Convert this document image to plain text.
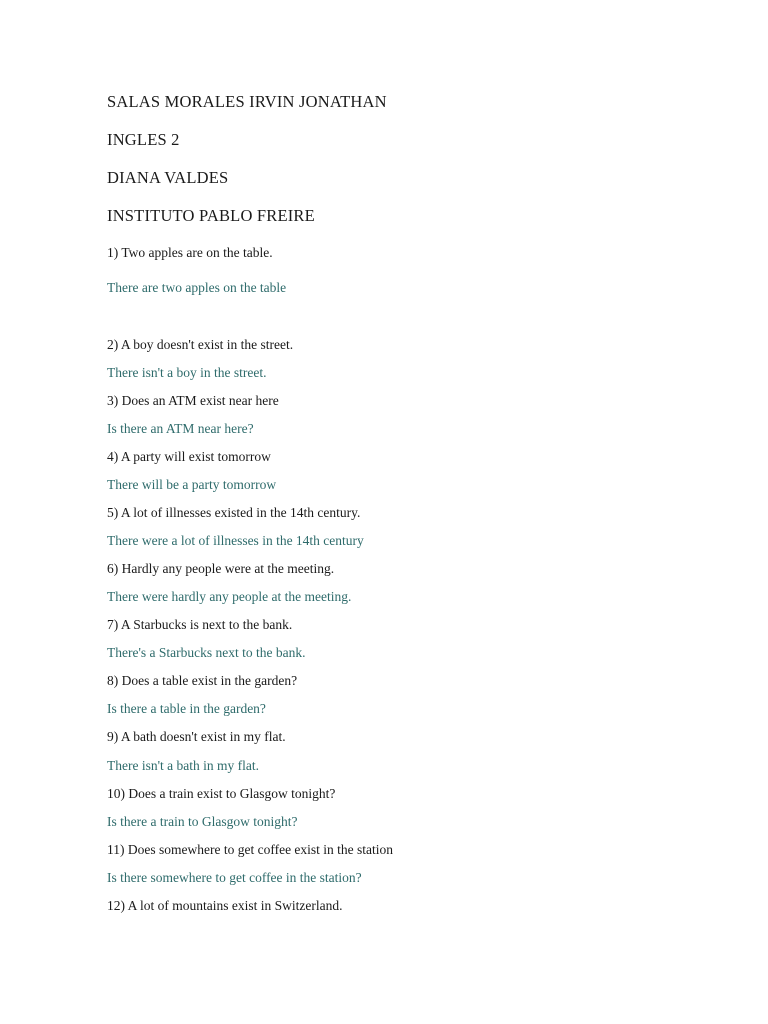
SALAS MORALES IRVIN JONATHAN
INGLES 2
DIANA VALDES
INSTITUTO PABLO FREIRE
1) Two apples are on the table.
There are two apples on the table
2) A boy doesn't exist in the street.
There isn't a boy in the street.
3) Does an ATM exist near here
Is there an ATM near here?
4) A party will exist tomorrow
There will be a party tomorrow
5) A lot of illnesses existed in the 14th century.
There were a lot of illnesses in the 14th century
6) Hardly any people were at the meeting.
There were hardly any people at the meeting.
7) A Starbucks is next to the bank.
There's a Starbucks next to the bank.
8) Does a table exist in the garden?
Is there a table in the garden?
9) A bath doesn't exist in my flat.
There isn't a bath in my flat.
10) Does a train exist to Glasgow tonight?
Is there a train to Glasgow tonight?
11) Does somewhere to get coffee exist in the station
Is there somewhere to get coffee in the station?
12) A lot of mountains exist in Switzerland.
